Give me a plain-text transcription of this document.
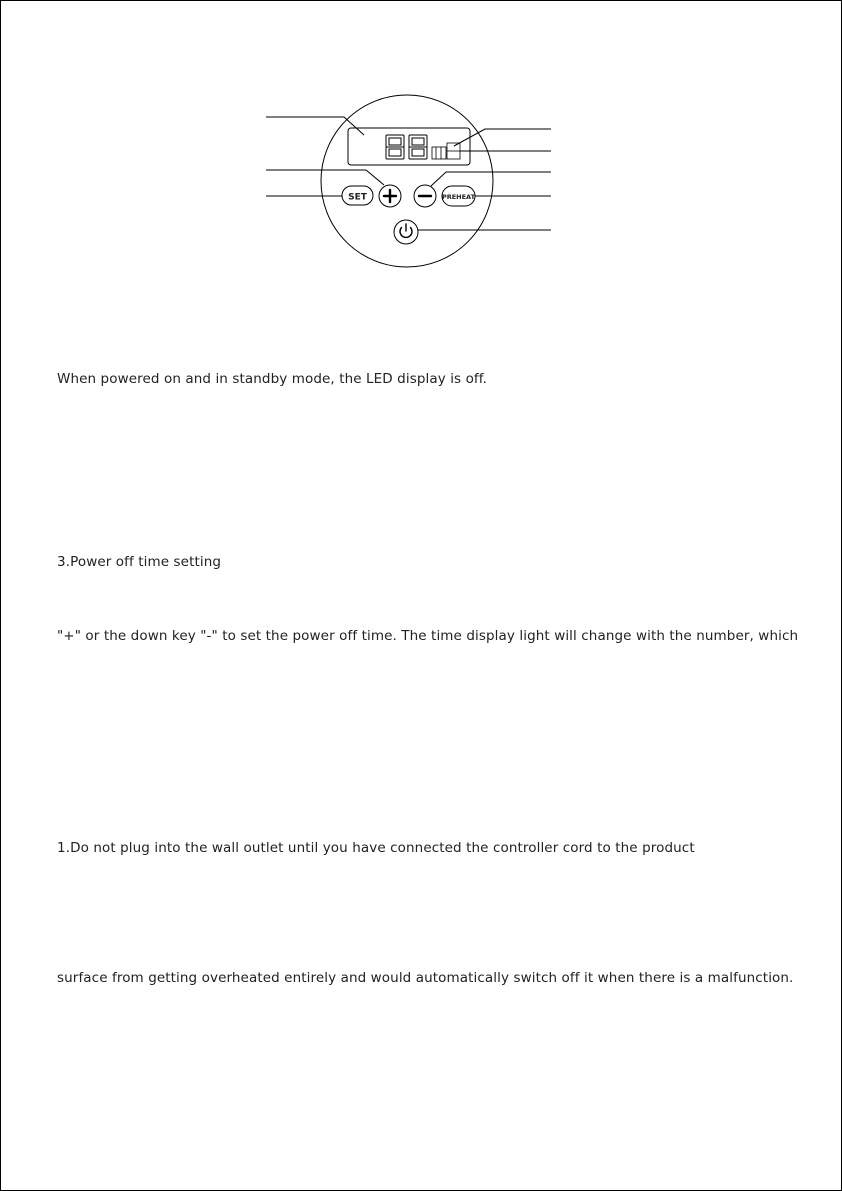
SET	PREHEAT
When powered on and in standby mode, the LED display is off.
3.Power off time setting
"+" or the down key "-" to set the power off time. The time display light will change with the number, which
1.Do not plug into the wall outlet until you have connected the controller cord to the product
surface from getting overheated entirely and would automatically switch off it when there is a malfunction.
